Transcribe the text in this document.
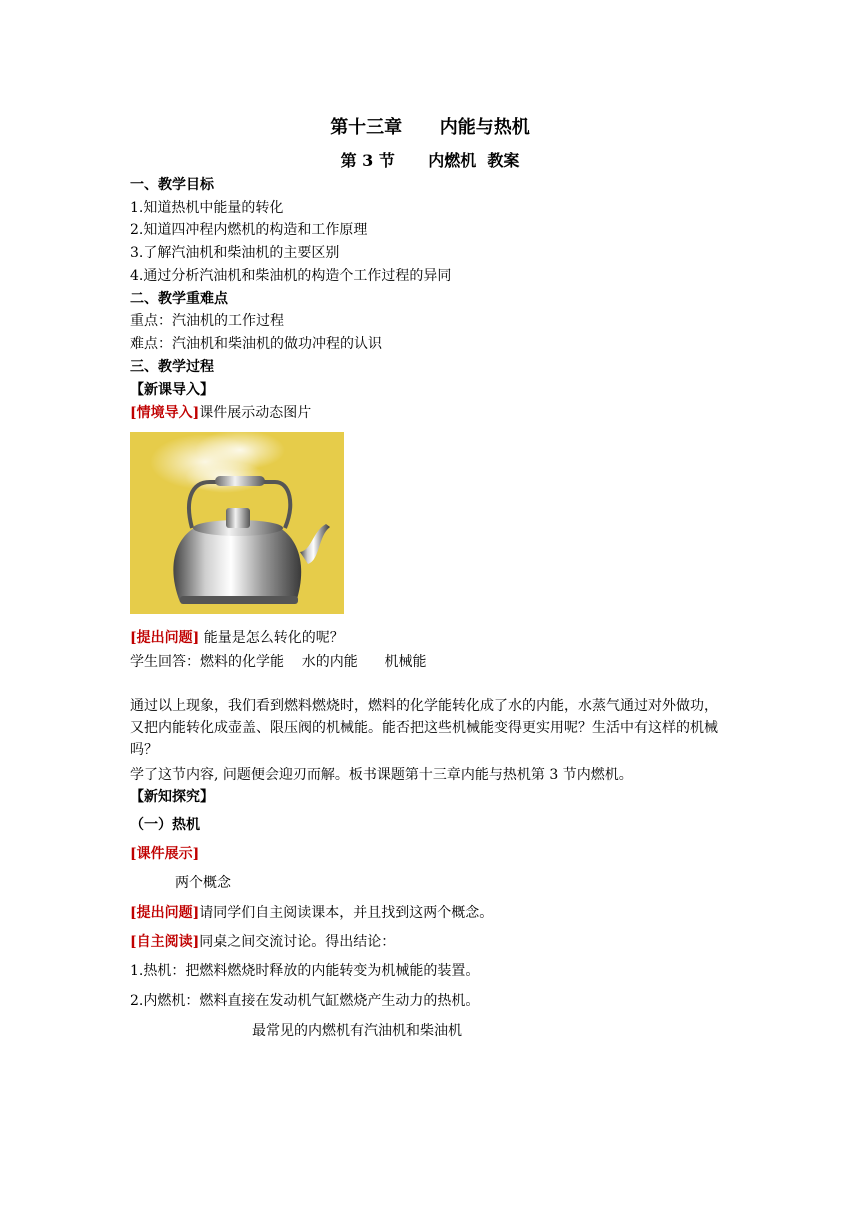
第十三章      内能与热机
第 3 节      内燃机  教案
一、教学目标
1.知道热机中能量的转化
2.知道四冲程内燃机的构造和工作原理
3.了解汽油机和柴油机的主要区别
4.通过分析汽油机和柴油机的构造个工作过程的异同
二、教学重难点
重点：汽油机的工作过程
难点：汽油机和柴油机的做功冲程的认识
三、教学过程
【新课导入】
[情境导入]课件展示动态图片
[提出问题] 能量是怎么转化的呢？
学生回答：燃料的化学能    水的内能      机械能
通过以上现象，我们看到燃料燃烧时，燃料的化学能转化成了水的内能，水蒸气通过对外做功，又把内能转化成壶盖、限压阀的机械能。能否把这些机械能变得更实用呢？生活中有这样的机械吗？
学了这节内容, 问题便会迎刃而解。板书课题第十三章内能与热机第 3 节内燃机。
【新知探究】
（一）热机
[课件展示]
两个概念
[提出问题]请同学们自主阅读课本，并且找到这两个概念。
[自主阅读]同桌之间交流讨论。得出结论：
1.热机：把燃料燃烧时释放的内能转变为机械能的装置。
2.内燃机：燃料直接在发动机气缸燃烧产生动力的热机。
最常见的内燃机有汽油机和柴油机
